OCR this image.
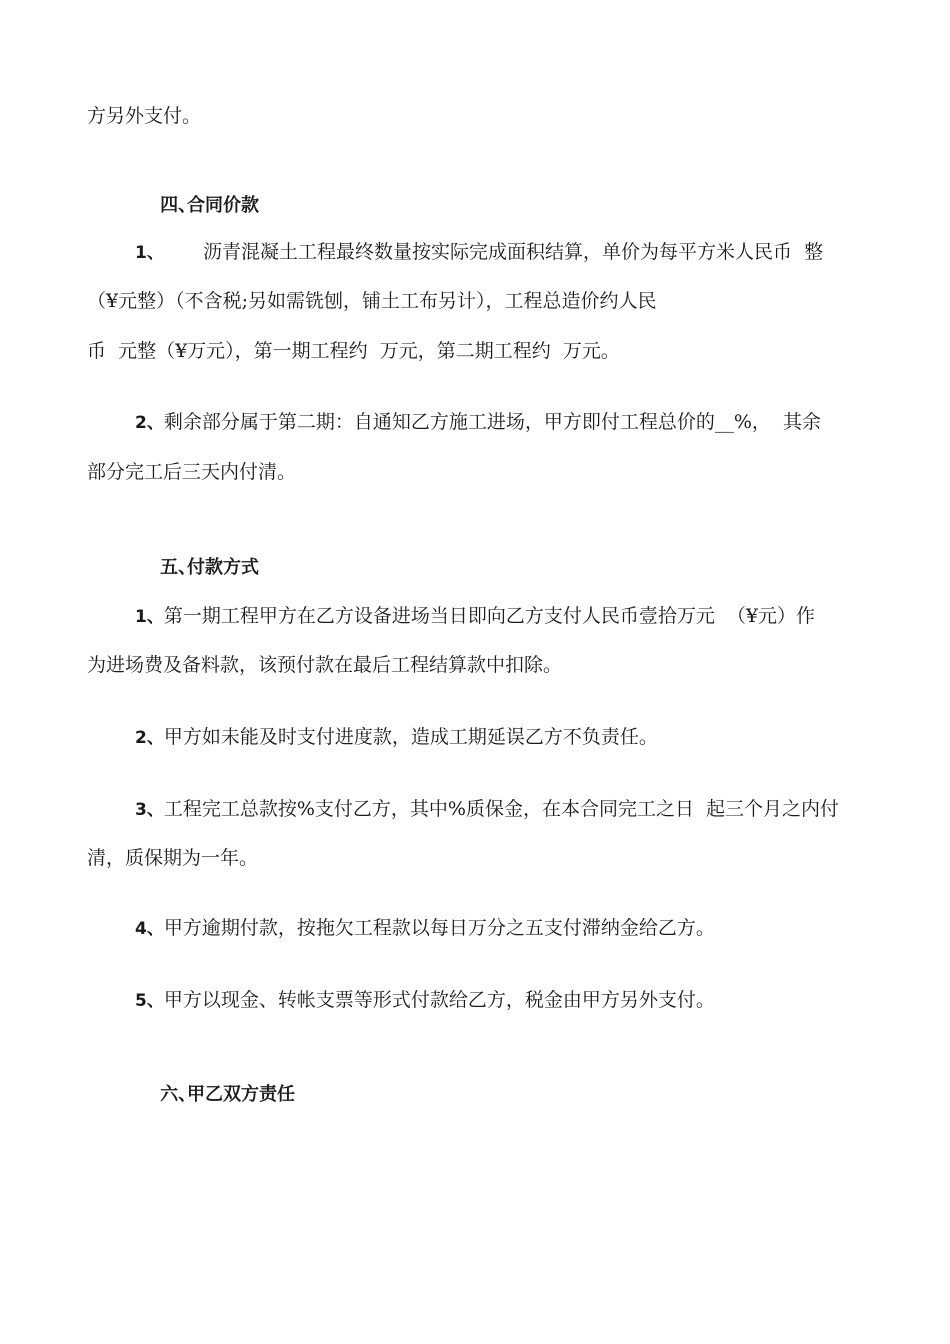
方另外支付。

四、
合同价款

1、 沥青混凝土工程最终数量按实际完成面积结算，单价为每平方米人民币  整
（¥元整）（不含税;另如需铣刨，铺土工布另计），工程总造价约人民
币  元整（¥万元），第一期工程约  万元，第二期工程约  万元。
2、剩余部分属于第二期：自通知乙方施工进场，甲方即付工程总价的__%，  其余
部分完工后三天内付清。

五、
付款方式

1、第一期工程甲方在乙方设备进场当日即向乙方支付人民币壹拾万元  （¥元）作
为进场费及备料款，该预付款在最后工程结算款中扣除。
2、甲方如未能及时支付进度款，造成工期延误乙方不负责任。
3、工程完工总款按%支付乙方，其中%质保金，在本合同完工之日  起三个月之内付
清，质保期为一年。
4、甲方逾期付款，按拖欠工程款以每日万分之五支付滞纳金给乙方。
5、甲方以现金、转帐支票等形式付款给乙方，税金由甲方另外支付。

六、
甲乙双方责任
